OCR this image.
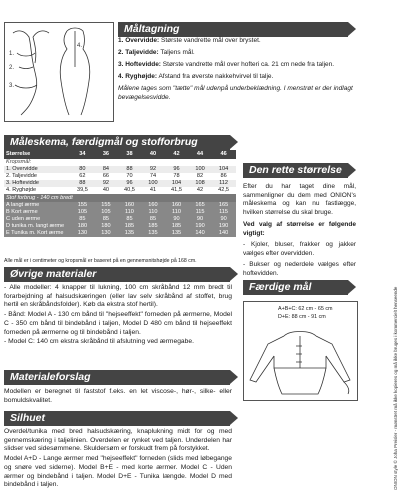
1.
2.
3.
4.
Måltagning

1. Overvidde: Største vandrette mål over brystet.

2. Taljevidde: Taljens mål.

3. Hoftevidde: Største vandrette mål over hofteri ca. 21 cm nede fra taljen.

4. Ryghøjde: Afstand fra øverste nakkehvirvel til talje.

Målene tages som "tætte" mål udenpå underbeklædning. I menstrøt er der indlagt bevægelsesvidde.

Måleskema, færdigmål og stofforbrug
Størrelse	34	36	38	40	42	44	46
Kropsmål:							
1. Overvidde	80	84	88	92	96	100	104
2. Taljevidde	62	66	70	74	78	82	86
3. Hoftevidde	88	92	96	100	104	108	112
4. Ryghøjde	39,5	40	40,5	41	41,5	42	42,5
Stof forbrug - 140 cm bredt							
A langt ærme	155	155	160	160	160	165	165
B Kort ærme	105	105	110	110	110	115	115
C uden ærme	85	85	85	85	90	90	90
D tunika m. langt ærme	180	180	185	185	185	190	190
E Tunika m. Kort ærme	130	130	135	135	135	140	140
Alle mål er i centimeter og kropsmål er baseret på en gennemsnitshøjde på 168 cm.
Den rette størrelse

Efter du har taget dine mål, sammenligner du dem med ONION's måleskema og kan nu fastlægge, hvilken størrelse du skal bruge.

Ved valg af størrelse er følgende vigtigt:

- Kjoler, bluser, frakker og jakker vælges efter overvidden.

- Bukser og nederdele vælges efter hoftevidden.

Færdige mål
A+B+C: 62 cm - 65 cm
D+E: 88 cm - 91 cm
Øvrige materialer

- Alle modeller: 4 knapper til lukning, 100 cm skråbånd 12 mm bredt til forarbejdning af halsudskæringen (eller lav selv skråbånd af stoffet, brug hertil en skråbåndsfolder). Køb da ekstra stof hertil).

- Bånd: Model A - 130 cm bånd til "hejseeffekt" forneden på ærmerne, Model C - 350 cm bånd til bindebånd i taljen, Model D 480 cm bånd til hejseeffekt forneden på ærmerne og til bindebånd i taljen.

- Model C: 140 cm ekstra skråbånd til afslutning ved ærmegabe.

Materialeforslag

Modellen er beregnet til faststof f.eks. en let viscose-, hør-, silke- eller bomuldskvalitet.

Silhuet

Overdel/tunika med bred halsudskæring, knaplukning midt for og med gennemskæring i taljelinien. Overdelen er rynket ved taljen. Underdelen har slidser ved sidesømmene. Skuldersøm er forskudt frem på forstykket.

Model A+D - Lange ærmer med "hejseeffekt" forneden (slids med løbegange og snøre ved siderne). Model B+E - med korte ærmer. Model C - Uden ærmer og bindebånd i taljen. Model D+E - Tunika længde. Model D med bindebånd i taljen.	ONION style © Joha Preisler - mønstret må ikke kopieres og må ikke bruges i kommercielt henseende
